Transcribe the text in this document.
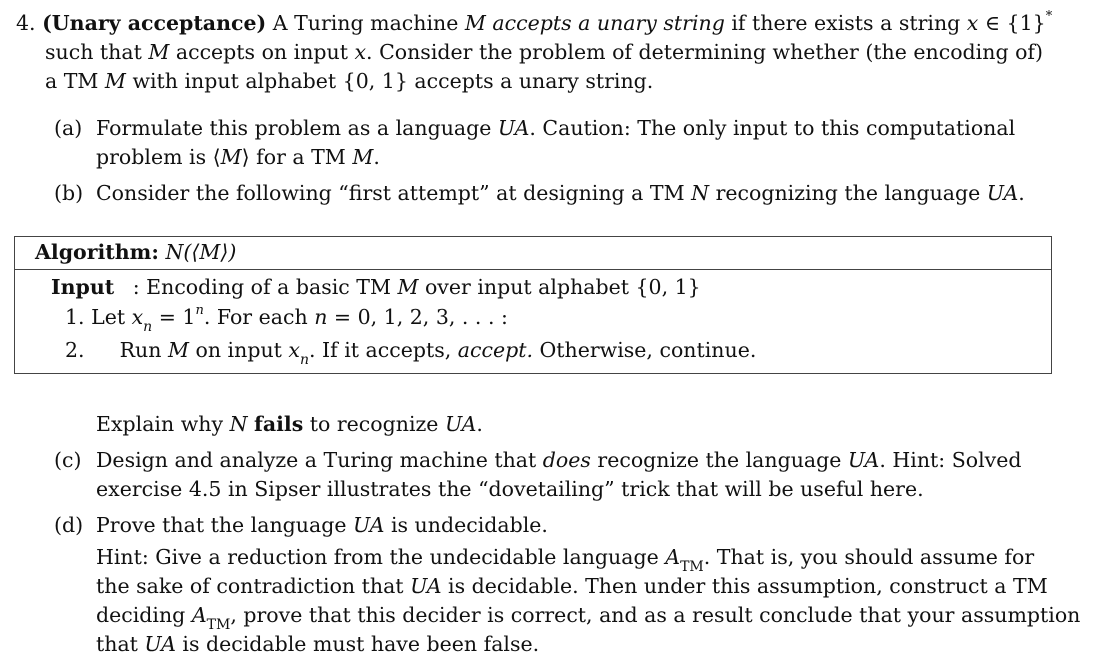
4. (Unary acceptance) A Turing machine M accepts a unary string if there exists a string x ∈ {1}*
such that M accepts on input x. Consider the problem of determining whether (the encoding of)
a TM M with input alphabet {0, 1} accepts a unary string.
(a) Formulate this problem as a language UA. Caution: The only input to this computational
problem is ⟨M⟩ for a TM M.
(b) Consider the following “first attempt” at designing a TM N recognizing the language UA.
Algorithm: N(⟨M⟩)
Input : Encoding of a basic TM M over input alphabet {0, 1}
1. Let $x_n = 1^n$. For each n = 0, 1, 2, 3, . . . :
2. Run M on input $x_n$. If it accepts, accept. Otherwise, continue.
Explain why N fails to recognize UA.
(c) Design and analyze a Turing machine that does recognize the language UA. Hint: Solved
exercise 4.5 in Sipser illustrates the “dovetailing” trick that will be useful here.
(d) Prove that the language UA is undecidable.
Hint: Give a reduction from the undecidable language $A_{TM}$. That is, you should assume for
the sake of contradiction that UA is decidable. Then under this assumption, construct a TM
deciding $A_{TM}$, prove that this decider is correct, and as a result conclude that your assumption
that UA is decidable must have been false.
